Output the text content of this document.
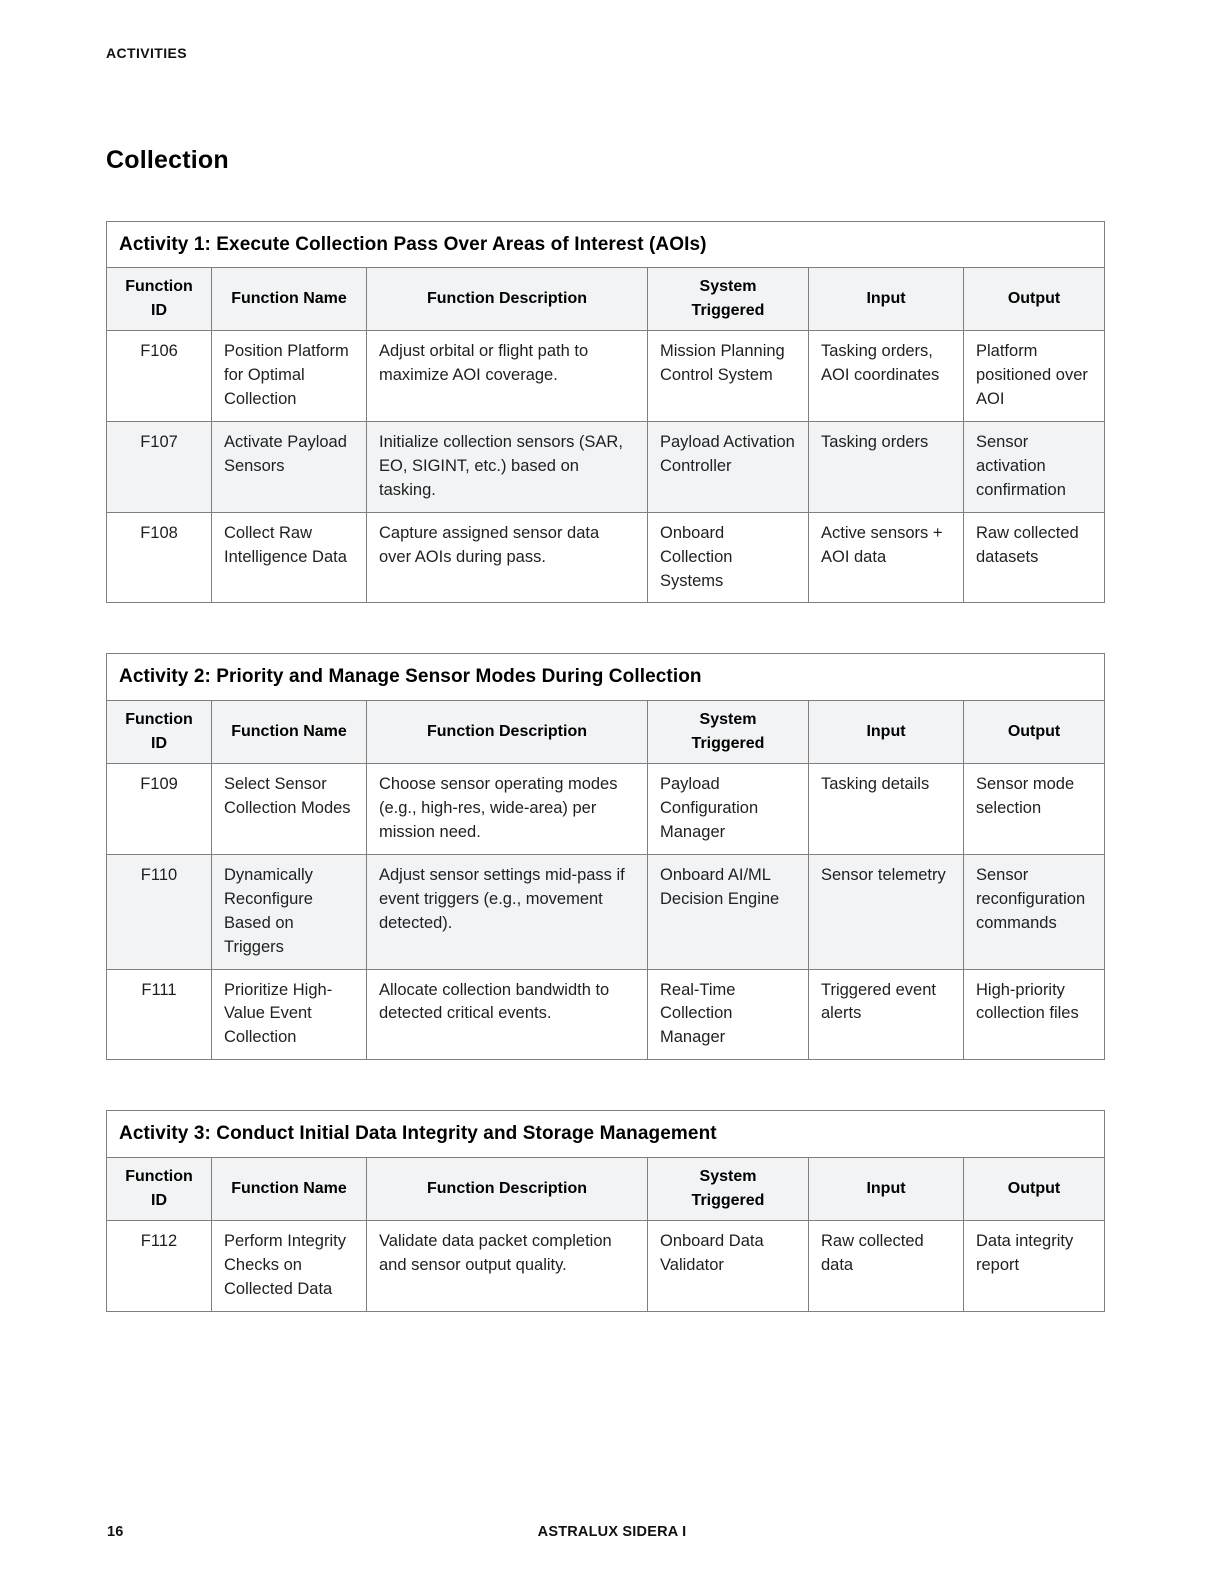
ACTIVITIES
Collection
Activity 1: Execute Collection Pass Over Areas of Interest (AOIs)					
Function ID	Function Name	Function Description	System Triggered	Input	Output
F106	Position Platform for Optimal Collection	Adjust orbital or flight path to maximize AOI coverage.	Mission Planning Control System	Tasking orders, AOI coordinates	Platform positioned over AOI
F107	Activate Payload Sensors	Initialize collection sensors (SAR, EO, SIGINT, etc.) based on tasking.	Payload Activation Controller	Tasking orders	Sensor activation confirmation
F108	Collect Raw Intelligence Data	Capture assigned sensor data over AOIs during pass.	Onboard Collection Systems	Active sensors + AOI data	Raw collected datasets
Activity 2: Priority and Manage Sensor Modes During Collection					
Function ID	Function Name	Function Description	System Triggered	Input	Output
F109	Select Sensor Collection Modes	Choose sensor operating modes (e.g., high-res, wide-area) per mission need.	Payload Configuration Manager	Tasking details	Sensor mode selection
F110	Dynamically Reconfigure Based on Triggers	Adjust sensor settings mid-pass if event triggers (e.g., movement detected).	Onboard AI/ML Decision Engine	Sensor telemetry	Sensor reconfiguration commands
F111	Prioritize High-Value Event Collection	Allocate collection bandwidth to detected critical events.	Real-Time Collection Manager	Triggered event alerts	High-priority collection files
Activity 3: Conduct Initial Data Integrity and Storage Management					
Function ID	Function Name	Function Description	System Triggered	Input	Output
F112	Perform Integrity Checks on Collected Data	Validate data packet completion and sensor output quality.	Onboard Data Validator	Raw collected data	Data integrity report
16	ASTRALUX SIDERA I
